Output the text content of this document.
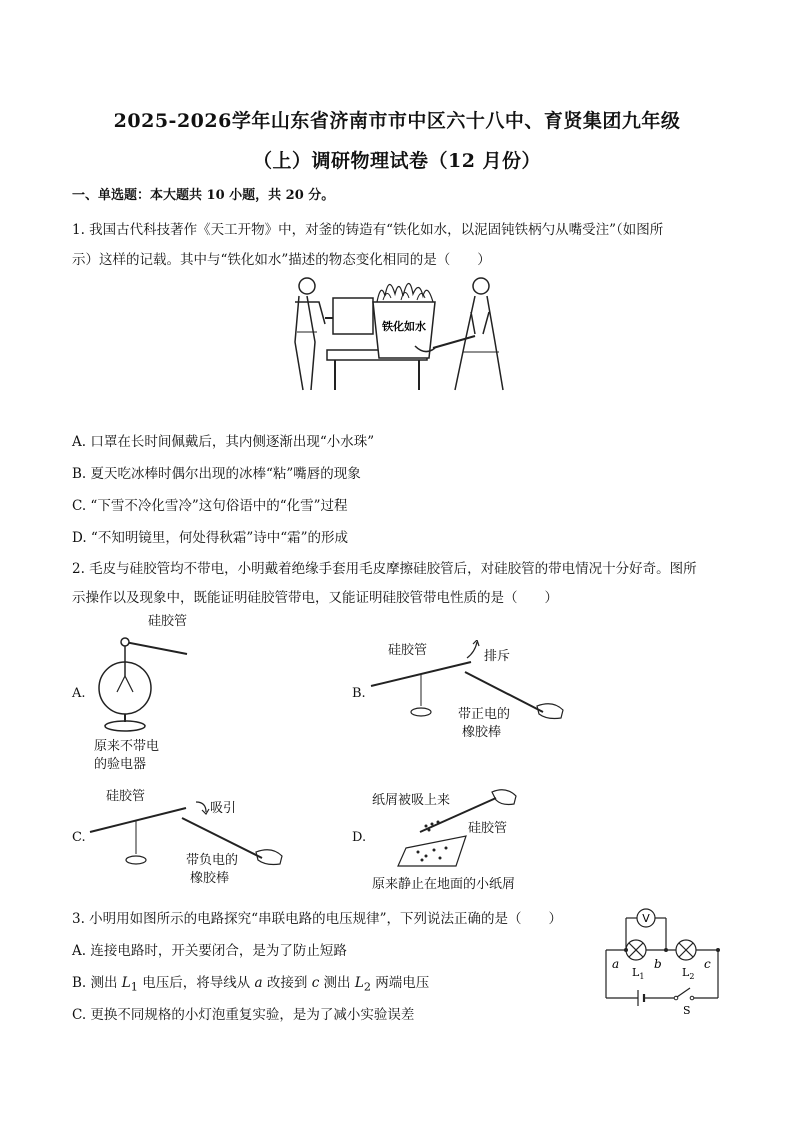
2025-2026学年山东省济南市市中区六十八中、育贤集团九年级
（上）调研物理试卷（12 月份）
一、单选题：本大题共 10 小题，共 20 分。
1. 我国古代科技著作《天工开物》中，对釜的铸造有“铁化如水，以泥固钝铁柄勺从嘴受注”（如图所
示）这样的记载。其中与“铁化如水”描述的物态变化相同的是（　　）
铁化如水
A. 口罩在长时间佩戴后，其内侧逐渐出现“小水珠”
B. 夏天吃冰棒时偶尔出现的冰棒“粘”嘴唇的现象
C. “下雪不冷化雪冷”这句俗语中的“化雪”过程
D. “不知明镜里，何处得秋霜”诗中“霜”的形成
2. 毛皮与硅胶管均不带电，小明戴着绝缘手套用毛皮摩擦硅胶管后，对硅胶管的带电情况十分好奇。图所
示操作以及现象中，既能证明硅胶管带电，又能证明硅胶管带电性质的是（　　）
A.
硅胶管
原来不带电
的验电器
B.
硅胶管	排斥
带正电的
橡胶棒
C.
硅胶管
吸引
带负电的
橡胶棒
D.
纸屑被吸上来
硅胶管
原来静止在地面的小纸屑
3. 小明用如图所示的电路探究“串联电路的电压规律”，下列说法正确的是（　　）
A. 连接电路时，开关要闭合，是为了防止短路
B. 测出 $L_1$ 电压后，将导线从 a 改接到 c 测出 $L_2$ 两端电压
C. 更换不同规格的小灯泡重复实验，是为了减小实验误差
V
a	b	c
$L_1$	$L_2$
S
